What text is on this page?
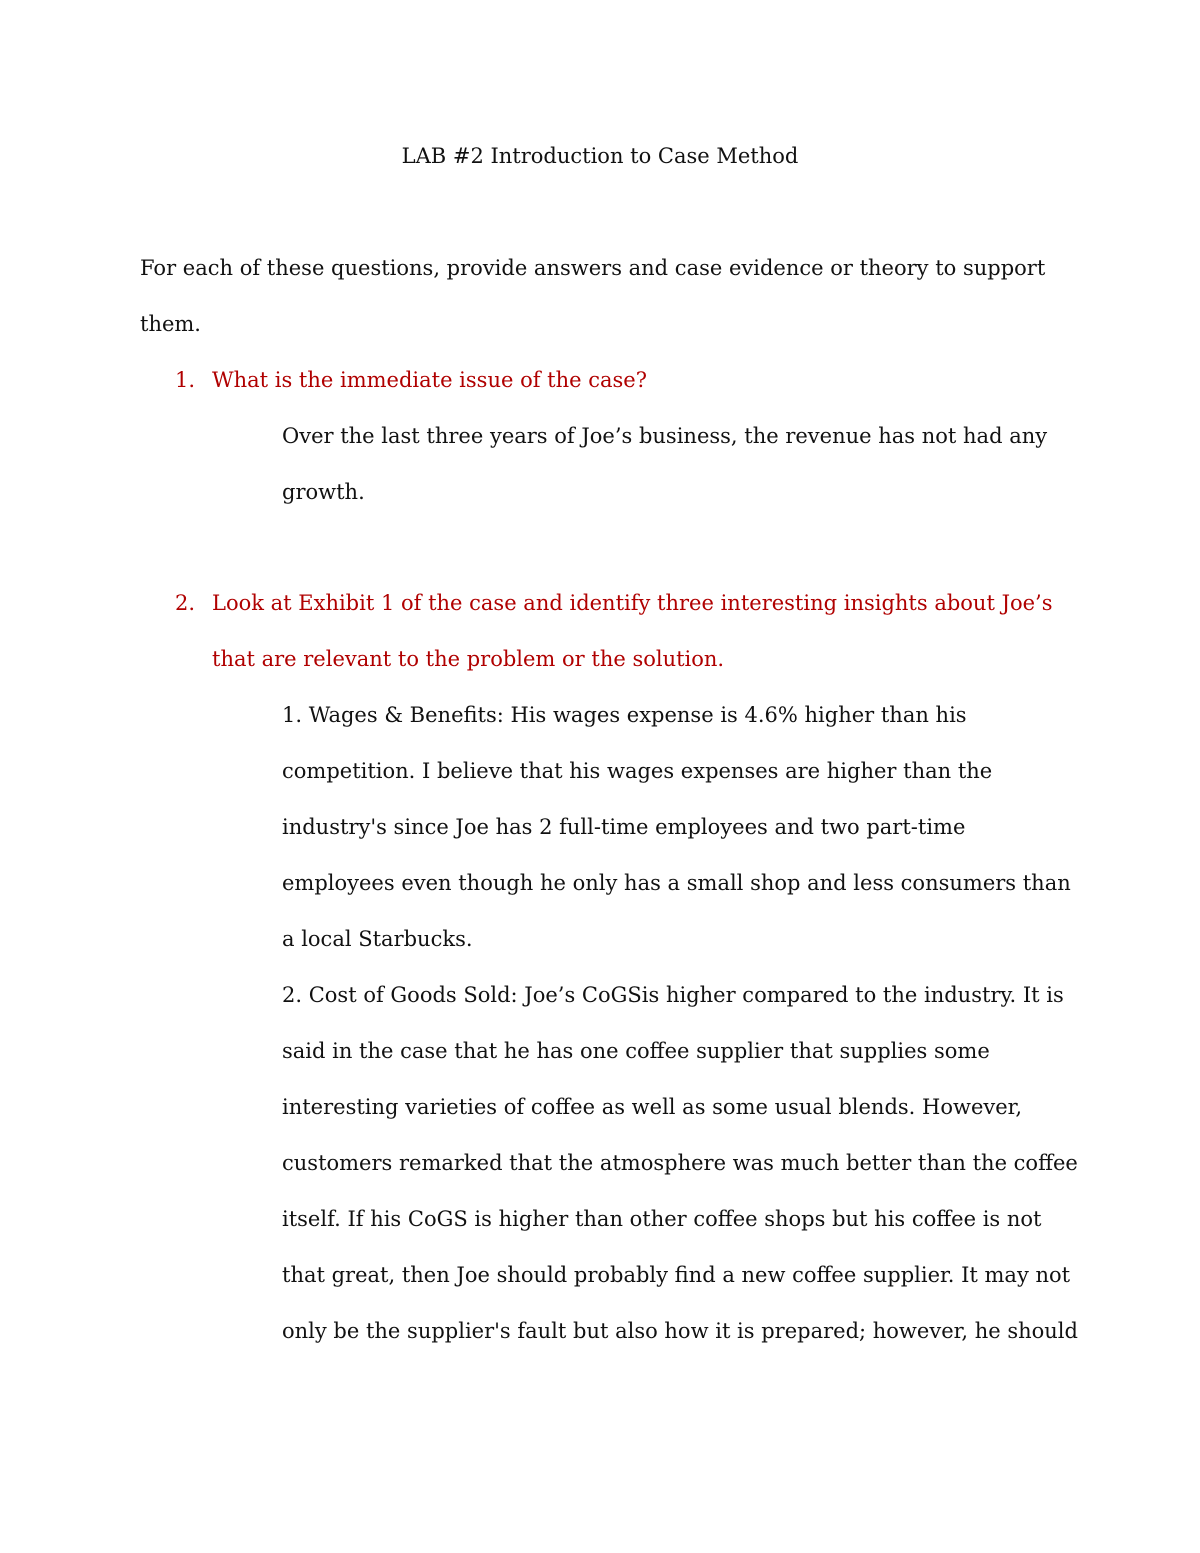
LAB #2 Introduction to Case Method
For each of these questions, provide answers and case evidence or theory to support
them.
1. What is the immediate issue of the case?
Over the last three years of Joe’s business, the revenue has not had any
growth.
2. Look at Exhibit 1 of the case and identify three interesting insights about Joe’s
that are relevant to the problem or the solution.
1. Wages & Benefits: His wages expense is 4.6% higher than his
competition. I believe that his wages expenses are higher than the
industry's since Joe has 2 full-time employees and two part-time
employees even though he only has a small shop and less consumers than
a local Starbucks.
2. Cost of Goods Sold: Joe’s CoGSis higher compared to the industry. It is
said in the case that he has one coffee supplier that supplies some
interesting varieties of coffee as well as some usual blends. However,
customers remarked that the atmosphere was much better than the coffee
itself. If his CoGS is higher than other coffee shops but his coffee is not
that great, then Joe should probably find a new coffee supplier. It may not
only be the supplier's fault but also how it is prepared; however, he should
